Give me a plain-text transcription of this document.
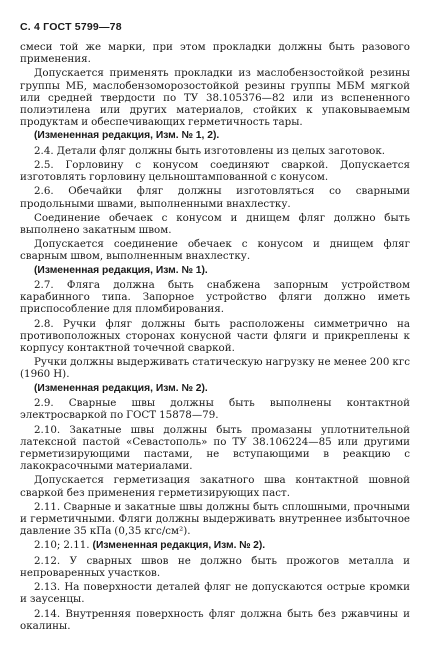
С. 4 ГОСТ 5799—78

смеси той же марки, при этом прокладки должны быть разового применения.

Допускается применять прокладки из маслобензостойкой резины группы МБ, маслобензоморозостойкой резины группы МБМ мягкой или средней твердости по ТУ 38.105376—82 или из вспененного полиэтилена или других материалов, стойких к упаковываемым продуктам и обеспечивающих герметичность тары.

(Измененная редакция, Изм. № 1, 2).

2.4. Детали фляг должны быть изготовлены из целых заготовок.

2.5. Горловину с конусом соединяют сваркой. Допускается изготовлять горловину цельноштампованной с конусом.

2.6. Обечайки фляг должны изготовляться со сварными продольными швами, выполненными внахлестку.

Соединение обечаек с конусом и днищем фляг должно быть выполнено закатным швом.

Допускается соединение обечаек с конусом и днищем фляг сварным швом, выполненным внахлестку.

(Измененная редакция, Изм. № 1).

2.7. Фляга должна быть снабжена запорным устройством карабинного типа. Запорное устройство фляги должно иметь приспособление для пломбирования.

2.8. Ручки фляг должны быть расположены симметрично на противоположных сторонах конусной части фляги и прикреплены к корпусу контактной точечной сваркой.

Ручки должны выдерживать статическую нагрузку не менее 200 кгс (1960 Н).

(Измененная редакция, Изм. № 2).

2.9. Сварные швы должны быть выполнены контактной электросваркой по ГОСТ 15878—79.

2.10. Закатные швы должны быть промазаны уплотнительной латексной пастой «Севастополь» по ТУ 38.106224—85 или другими герметизирующими пастами, не вступающими в реакцию с лакокрасочными материалами.

Допускается герметизация закатного шва контактной шовной сваркой без применения герметизирующих паст.

2.11. Сварные и закатные швы должны быть сплошными, прочными и герметичными. Фляги должны выдерживать внутреннее избыточное давление 35 кПа (0,35 кгс/см²).

2.10; 2.11. (Измененная редакция, Изм. № 2).

2.12. У сварных швов не должно быть прожогов металла и непроваренных участков.

2.13. На поверхности деталей фляг не допускаются острые кромки и заусенцы.

2.14. Внутренняя поверхность фляг должна быть без ржавчины и окалины.
